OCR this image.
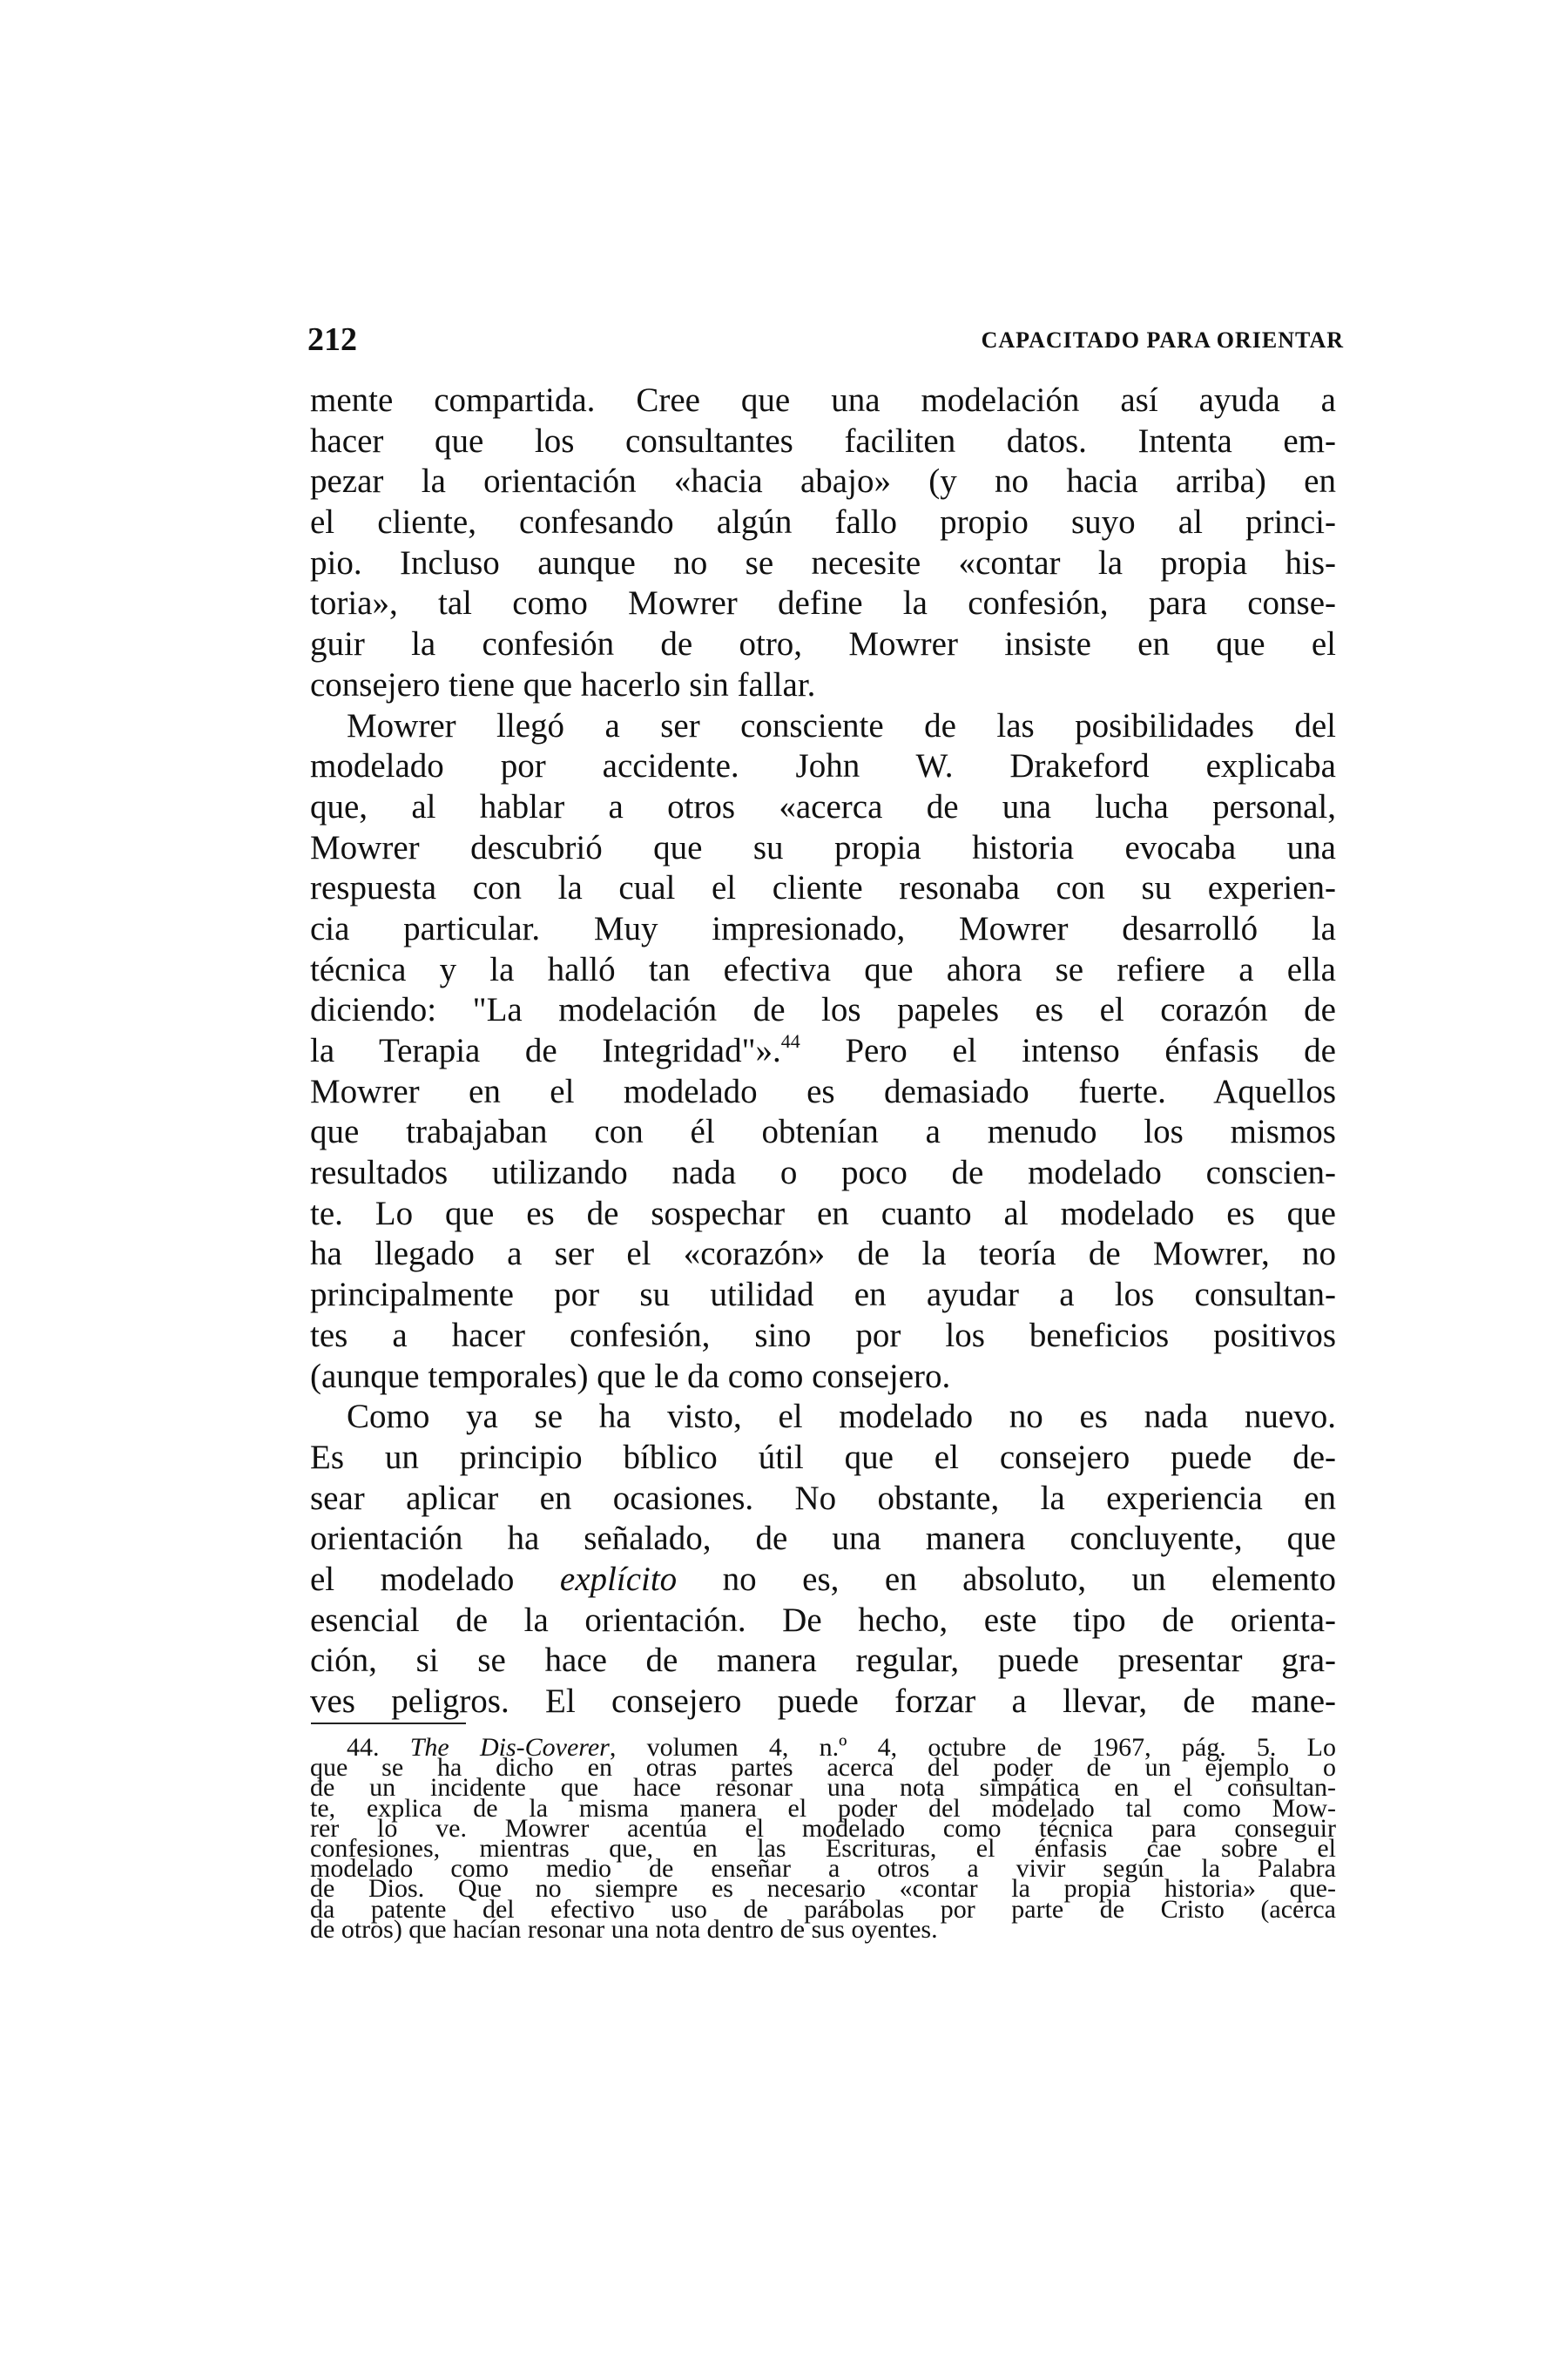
212	CAPACITADO PARA ORIENTAR
mente compartida. Cree que una modelación así ayuda a
hacer que los consultantes faciliten datos. Intenta em-
pezar la orientación «hacia abajo» (y no hacia arriba) en
el cliente, confesando algún fallo propio suyo al princi-
pio. Incluso aunque no se necesite «contar la propia his-
toria», tal como Mowrer define la confesión, para conse-
guir la confesión de otro, Mowrer insiste en que el
consejero tiene que hacerlo sin fallar.
Mowrer llegó a ser consciente de las posibilidades del
modelado por accidente. John W. Drakeford explicaba
que, al hablar a otros «acerca de una lucha personal,
Mowrer descubrió que su propia historia evocaba una
respuesta con la cual el cliente resonaba con su experien-
cia particular. Muy impresionado, Mowrer desarrolló la
técnica y la halló tan efectiva que ahora se refiere a ella
diciendo: "La modelación de los papeles es el corazón de
la Terapia de Integridad"».$^{44}$ Pero el intenso énfasis de
Mowrer en el modelado es demasiado fuerte. Aquellos
que trabajaban con él obtenían a menudo los mismos
resultados utilizando nada o poco de modelado conscien-
te. Lo que es de sospechar en cuanto al modelado es que
ha llegado a ser el «corazón» de la teoría de Mowrer, no
principalmente por su utilidad en ayudar a los consultan-
tes a hacer confesión, sino por los beneficios positivos
(aunque temporales) que le da como consejero.
Como ya se ha visto, el modelado no es nada nuevo.
Es un principio bíblico útil que el consejero puede de-
sear aplicar en ocasiones. No obstante, la experiencia en
orientación ha señalado, de una manera concluyente, que
el modelado explícito no es, en absoluto, un elemento
esencial de la orientación. De hecho, este tipo de orienta-
ción, si se hace de manera regular, puede presentar gra-
ves peligros. El consejero puede forzar a llevar, de mane-
44. The Dis-Coverer, volumen 4, n.º 4, octubre de 1967, pág. 5. Lo
que se ha dicho en otras partes acerca del poder de un ejemplo o
de un incidente que hace resonar una nota simpática en el consultan-
te, explica de la misma manera el poder del modelado tal como Mow-
rer lo ve. Mowrer acentúa el modelado como técnica para conseguir
confesiones, mientras que, en las Escrituras, el énfasis cae sobre el
modelado como medio de enseñar a otros a vivir según la Palabra
de Dios. Que no siempre es necesario «contar la propia historia» que-
da patente del efectivo uso de parábolas por parte de Cristo (acerca
de otros) que hacían resonar una nota dentro de sus oyentes.
